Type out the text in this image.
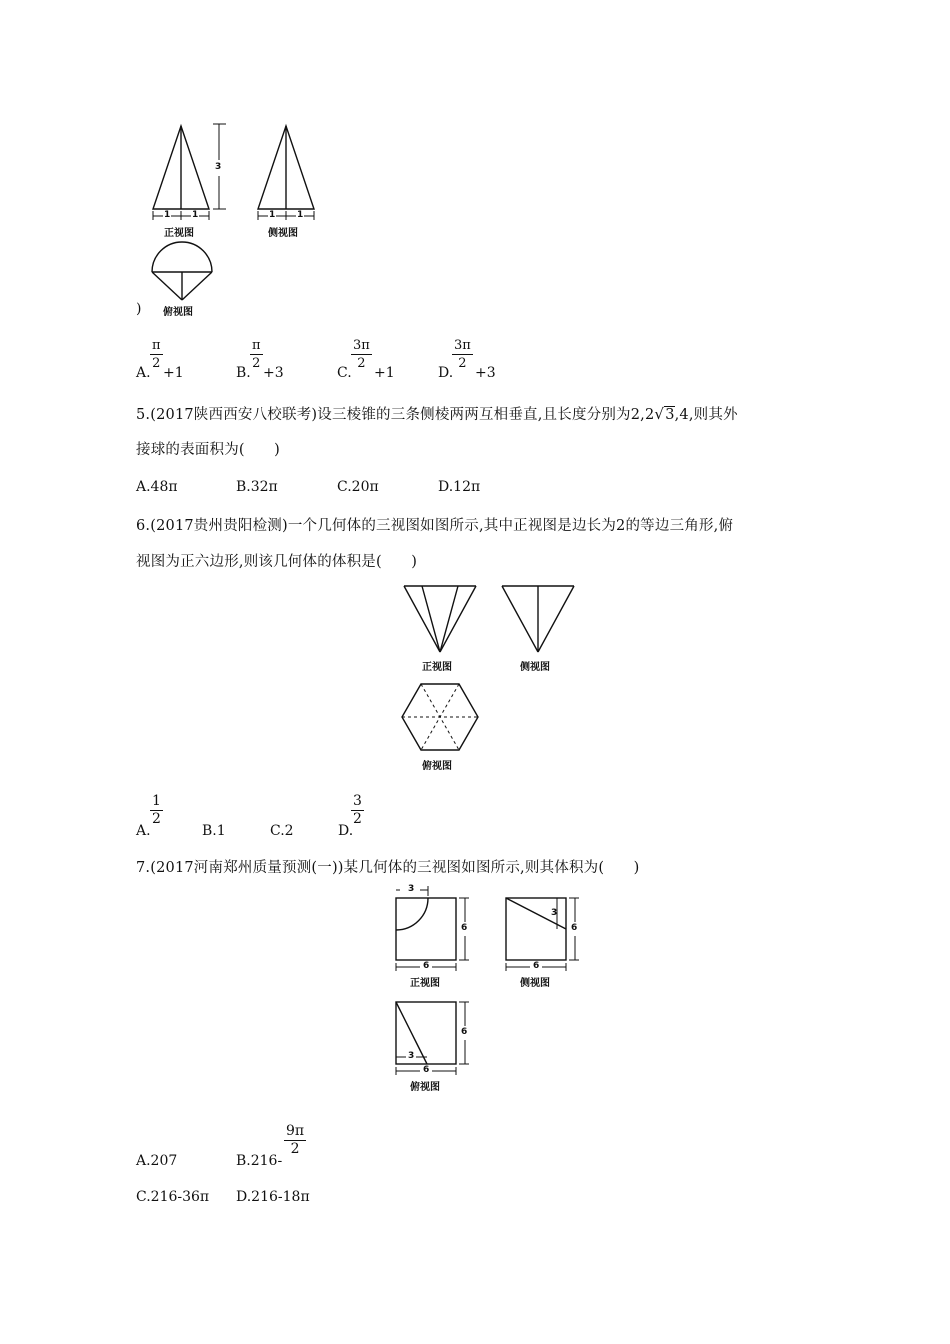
3
1 1
正视图
1 1
侧视图
俯视图
)
A.
$\frac{\pi}{2}$
+1	B.
$\frac{\pi}{2}$
+3	C.
$\frac{3\pi}{2}$
+1	D.
$\frac{3\pi}{2}$
+3
5.(2017陕西西安八校联考)设三棱锥的三条侧棱两两互相垂直,且长度分别为2,2√3,4,则其外
接球的表面积为(　　)
A.48π	B.32π	C.20π	D.12π
6.(2017贵州贵阳检测)一个几何体的三视图如图所示,其中正视图是边长为2的等边三角形,俯
视图为正六边形,则该几何体的体积是(　　)
正视图	侧视图
俯视图
A.
$\frac{1}{2}$
B.1	C.2	D.
$\frac{3}{2}$
7.(2017河南郑州质量预测(一))某几何体的三视图如图所示,则其体积为(　　)
3
6
6
正视图
3
6
6
侧视图
6
3
6
俯视图
A.207	B.216-
$\frac{9\pi}{2}$
C.216-36π D.216-18π
